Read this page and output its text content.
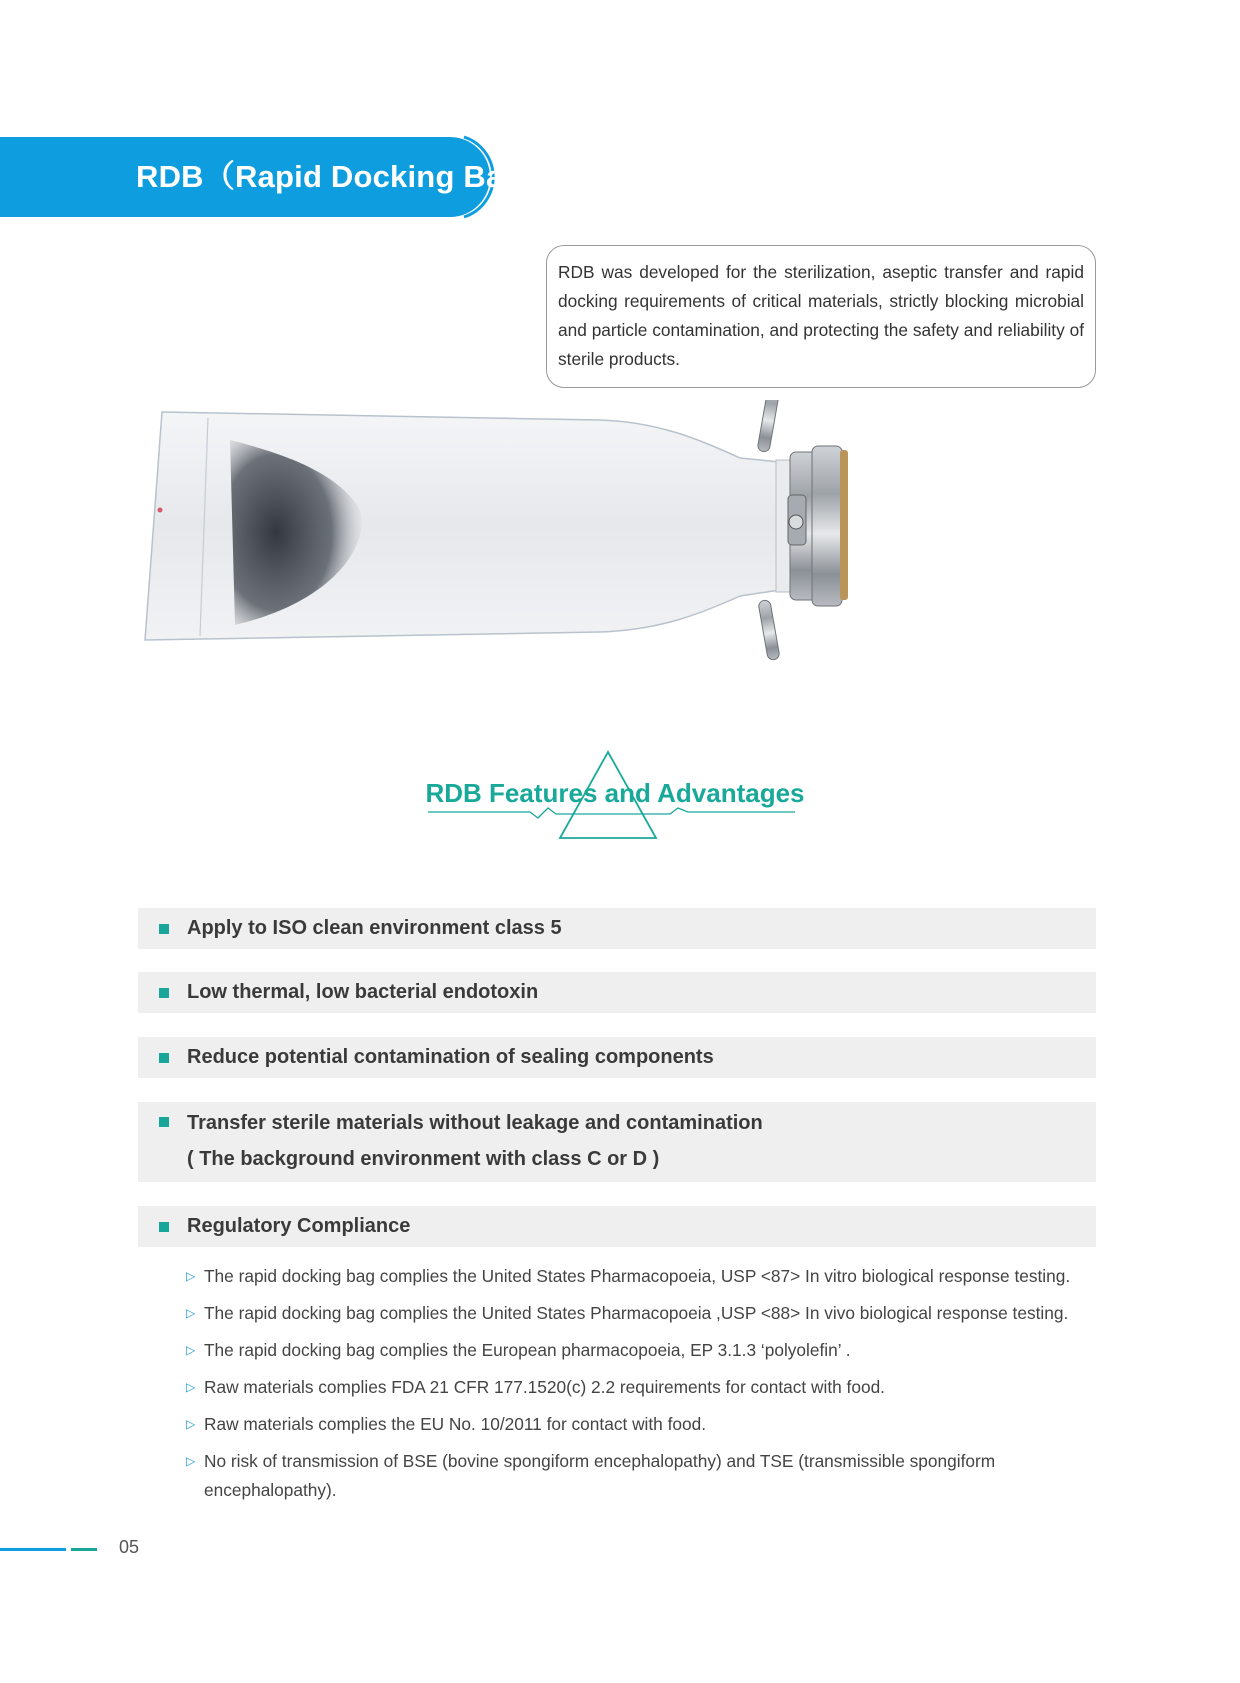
RDB（Rapid Docking Bag）
RDB was developed for the sterilization, aseptic transfer and rapid docking requirements of critical materials, strictly blocking microbial and particle contamination, and protecting the safety and reliability of sterile products.
RDB Features and Advantages
Apply to ISO clean environment class 5
Low thermal, low bacterial endotoxin
Reduce potential contamination of sealing components
Transfer sterile materials without leakage and contamination
( The background environment with class C or D )
Regulatory Compliance
▷ The rapid docking bag complies the United States Pharmacopoeia, USP <87> In vitro biological response testing.
▷ The rapid docking bag complies the United States Pharmacopoeia ,USP <88> In vivo biological response testing.
▷ The rapid docking bag complies the European pharmacopoeia, EP 3.1.3 ‘polyolefin’ .
▷ Raw materials complies FDA 21 CFR 177.1520(c) 2.2 requirements for contact with food.
▷ Raw materials complies the EU No. 10/2011 for contact with food.
▷ No risk of transmission of BSE (bovine spongiform encephalopathy) and TSE (transmissible spongiform encephalopathy).
05
